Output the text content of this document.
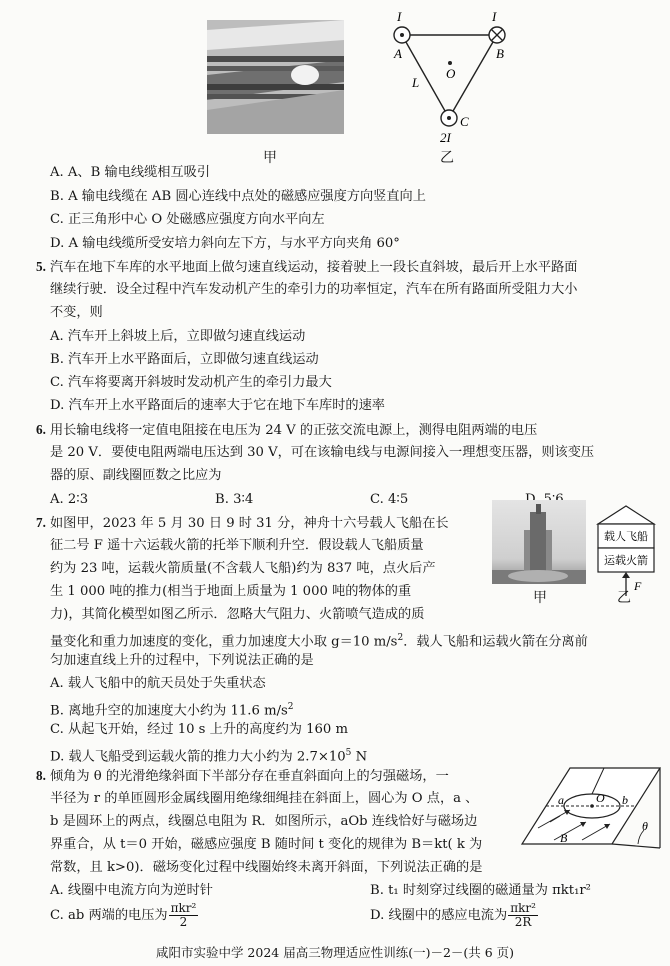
甲
I	I
A	B
O
L
C
2I
乙
A. A、B 输电线缆相互吸引
B. A 输电线缆在 AB 圆心连线中点处的磁感应强度方向竖直向上
C. 正三角形中心 O 处磁感应强度方向水平向左
D. A 输电线缆所受安培力斜向左下方，与水平方向夹角 60°
5. 汽车在地下车库的水平地面上做匀速直线运动，接着驶上一段长直斜坡，最后开上水平路面
继续行驶．设全过程中汽车发动机产生的牵引力的功率恒定，汽车在所有路面所受阻力大小
不变，则
A. 汽车开上斜坡上后，立即做匀速直线运动
B. 汽车开上水平路面后，立即做匀速直线运动
C. 汽车将要离开斜坡时发动机产生的牵引力最大
D. 汽车开上水平路面后的速率大于它在地下车库时的速率
6. 用长输电线将一定值电阻接在电压为 24 V 的正弦交流电源上，测得电阻两端的电压
是 20 V．要使电阻两端电压达到 30 V，可在该输电线与电源间接入一理想变压器，则该变压
器的原、副线圈匝数之比应为
A. 2∶3	B. 3∶4	C. 4∶5
7. 如图甲，2023 年 5 月 30 日 9 时 31 分，神舟十六号载人飞船在长
征二号 F 遥十六运载火箭的托举下顺利升空．假设载人飞船质量
约为 23 吨，运载火箭质量(不含载人飞船)约为 837 吨，点火后产
生 1 000 吨的推力(相当于地面上质量为 1 000 吨的物体的重
力)，其简化模型如图乙所示．忽略大气阻力、火箭喷气造成的质
量变化和重力加速度的变化，重力加速度大小取 g＝10 $m/s^2$．载人飞船和运载火箭在分离前
匀加速直线上升的过程中，下列说法正确的是
A. 载人飞船中的航天员处于失重状态
B. 离地升空的加速度大小约为 11.6 $m/s^2$
C. 从起飞开始，经过 10 s 上升的高度约为 160 m
D. 载人飞船受到运载火箭的推力大小约为 $2.7\times 10^5$ N
甲
载人飞船
运载火箭
F
乙
8. 倾角为 θ 的光滑绝缘斜面下半部分存在垂直斜面向上的匀强磁场，一
半径为 r 的单匝圆形金属线圈用绝缘细绳挂在斜面上，圆心为 O 点，a 、
b 是圆环上的两点，线圈总电阻为 R．如图所示，aOb 连线恰好与磁场边
界重合，从 t＝0 开始，磁感应强度 B 随时间 t 变化的规律为 B＝kt( k 为
常数，且 k>0)．磁场变化过程中线圈始终未离开斜面，下列说法正确的是
A. 线圈中电流方向为逆时针	B. t₁ 时刻穿过线圈的磁通量为 πkt₁r²
C. ab 两端的电压为 $\frac{\text{πkr²}}{2}$	D. 线圈中的感应电流为 $\frac{\text{πkr²}}{2R}$
a	b
O
B
θ
咸阳市实验中学 2024 届高三物理适应性训练(一)－2－(共 6 页)
